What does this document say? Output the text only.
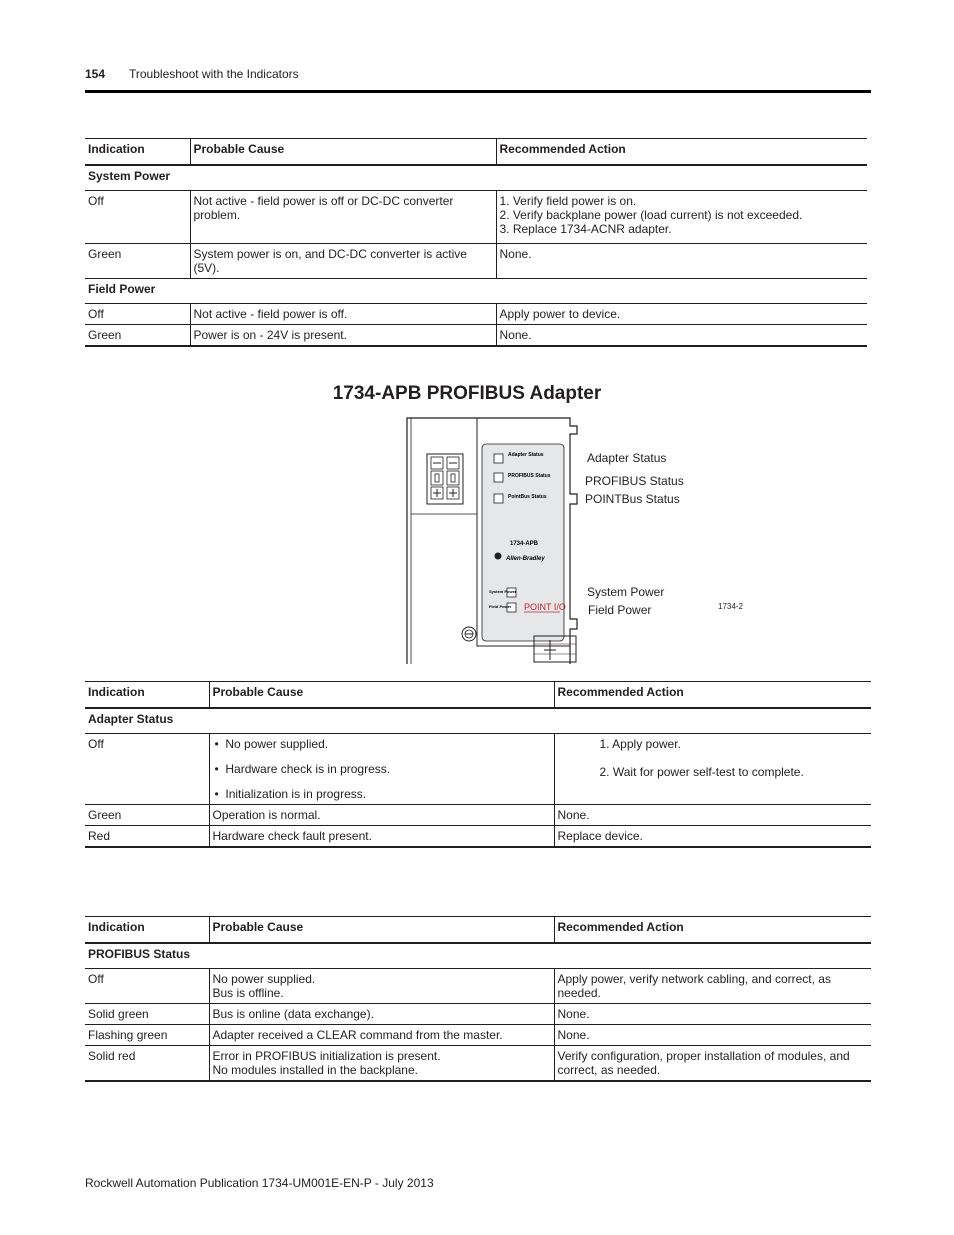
154 Troubleshoot with the Indicators
Indication	Probable Cause	Recommended Action
System Power		
Off	Not active - field power is off or DC-DC converter problem.	1. Verify field power is on.
2. Verify backplane power (load current) is not exceeded.
3. Replace 1734-ACNR adapter.

Green	System power is on, and DC-DC converter is active (5V).	None.
Field Power		
Off	Not active - field power is off.	Apply power to device.
Green	Power is on - 24V is present.	None.
1734-APB PROFIBUS Adapter
Adapter Status
PROFIBUS Status
PointBus Status
1734-APB
Allen-Bradley
System Power
Field Power POINT I/O
Adapter Status
PROFIBUS Status
POINTBus Status
System Power
Field Power	1734-2
Indication	Probable Cause	Recommended Action
Adapter Status		
Off	•  No power supplied.
•  Hardware check is in progress.
•  Initialization is in progress.	1. Apply power.
2. Wait for power self-test to complete.

Green	Operation is normal.	None.
Red	Hardware check fault present.	Replace device.
Indication	Probable Cause	Recommended Action
PROFIBUS Status		
Off	No power supplied.
Bus is offline.	Apply power, verify network cabling, and correct, as needed.
Solid green	Bus is online (data exchange).	None.
Flashing green	Adapter received a CLEAR command from the master.	None.
Solid red	Error in PROFIBUS initialization is present.
No modules installed in the backplane.	Verify configuration, proper installation of modules, and correct, as needed.
Rockwell Automation Publication 1734-UM001E-EN-P - July 2013
